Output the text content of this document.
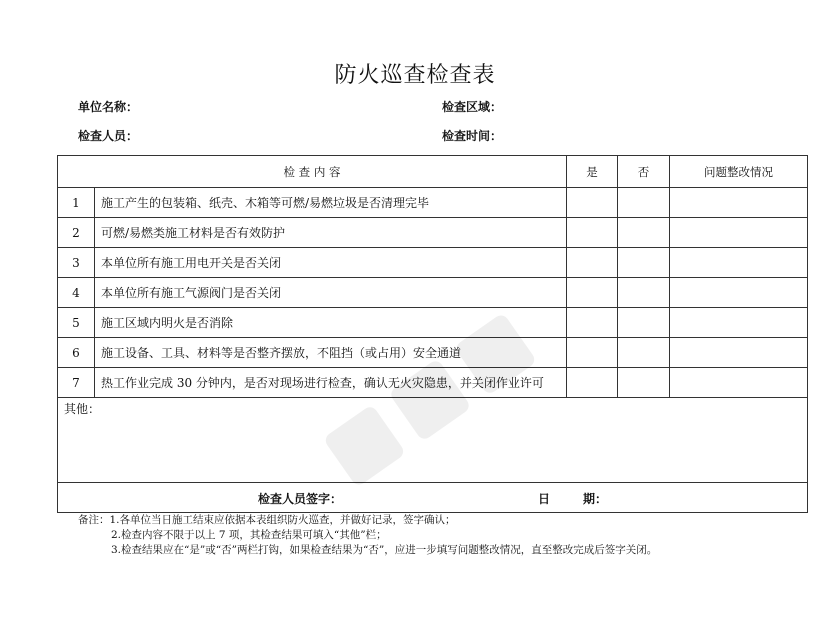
防火巡查检查表
单位名称：	检查区域：
检查人员：	检查时间：
检 查 内 容		是	否	问题整改情况
1	施工产生的包装箱、纸壳、木箱等可燃/易燃垃圾是否清理完毕			
2	可燃/易燃类施工材料是否有效防护			
3	本单位所有施工用电开关是否关闭			
4	本单位所有施工气源阀门是否关闭			
5	施工区域内明火是否消除			
6	施工设备、工具、材料等是否整齐摆放，不阻挡（或占用）安全通道			
7	热工作业完成 30 分钟内，是否对现场进行检查，确认无火灾隐患，并关闭作业许可			
其他：				

检查人员签字： 日 期：				
备注：1.各单位当日施工结束应依据本表组织防火巡查，并做好记录，签字确认；
2.检查内容不限于以上 7 项，其检查结果可填入“其他”栏；
3.检查结果应在“是”或“否”两栏打钩，如果检查结果为“否”，应进一步填写问题整改情况，直至整改完成后签字关闭。
